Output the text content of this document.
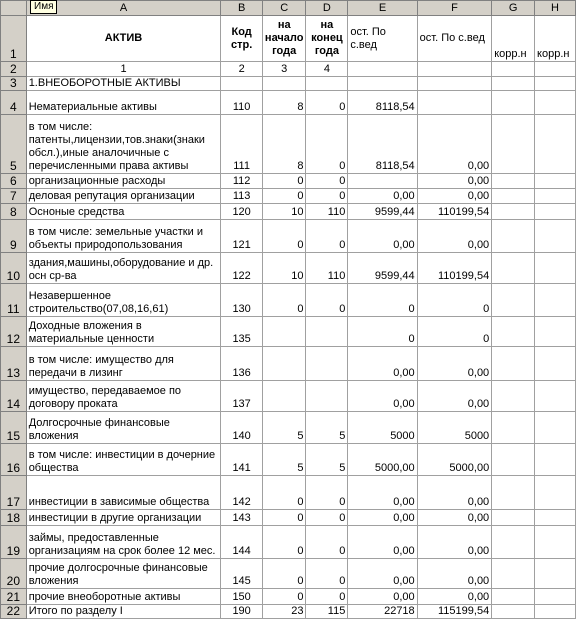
	A	B	C	D	E	F	G	H
1	АКТИВ	Код стр.	на начало года	на конец года	ост. По с.вед	ост. По с.вед	корр.н	корр.н
2	1	2	3	4				
3	1.ВНЕОБОРОТНЫЕ АКТИВЫ							
4	Нематериальные активы	110	8	0	8118,54			
5	в том числе: патенты,лицензии,тов.знаки(знаки обсл.),иные аналочичные с перечисленными права активы	111	8	0	8118,54	0,00		
6	организационные расходы	112	0	0		0,00		
7	деловая репутация организации	113	0	0	0,00	0,00		
8	Осноные средства	120	10	110	9599,44	110199,54		
9	в том числе: земельные участки и объекты природопользования	121	0	0	0,00	0,00		
10	здания,машины,оборудование и др. осн ср-ва	122	10	110	9599,44	110199,54		
11	Незавершенное строительство(07,08,16,61)	130	0	0	0	0		
12	Доходные вложения в материальные ценности	135			0	0		
13	в том числе: имущество для передачи в лизинг	136			0,00	0,00		
14	имущество, передаваемое по договору проката	137			0,00	0,00		
15	Долгосрочные финансовые вложения	140	5	5	5000	5000		
16	в том числе: инвестиции в дочерние общества	141	5	5	5000,00	5000,00		
17	инвестиции в зависимые общества	142	0	0	0,00	0,00		
18	инвестиции в другие организации	143	0	0	0,00	0,00		
19	займы, предоставленные организациям на срок более 12 мес.	144	0	0	0,00	0,00		
20	прочие долгосрочные финансовые вложения	145	0	0	0,00	0,00		
21	прочие внеоборотные активы	150	0	0	0,00	0,00		
22	Итого по разделу I	190	23	115	22718	115199,54		
Имя
